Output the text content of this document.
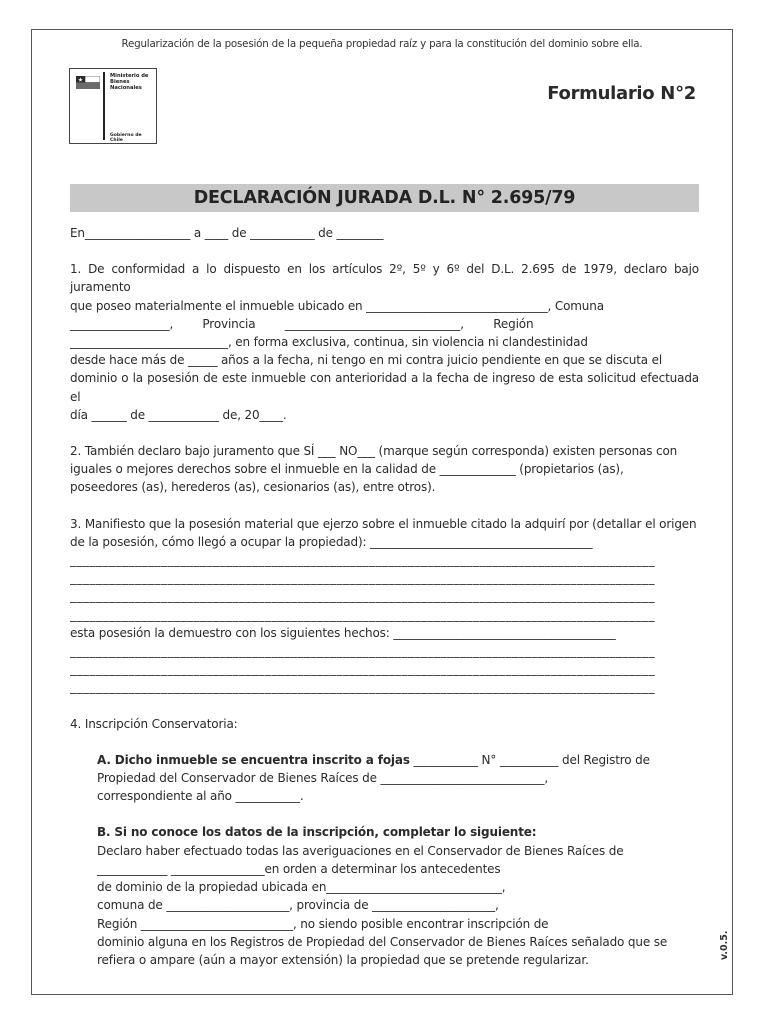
Regularización de la posesión de la pequeña propiedad raíz y para la constitución del dominio sobre ella.
Ministerio de
Bienes
Nacionales
Gobierno de Chile
Formulario N°2
DECLARACIÓN JURADA D.L. N° 2.695/79

En__________________ a ____ de ___________ de ________

1. De conformidad a lo dispuesto en los artículos 2º, 5º y 6º del D.L. 2.695 de 1979, declaro bajo juramento

que poseo materialmente el inmueble ubicado en _______________________________, Comuna

_________________,        Provincia        ______________________________,        Región

___________________________, en forma exclusiva, continua, sin violencia ni clandestinidad

desde hace más de _____ años a la fecha, ni tengo en mi contra juicio pendiente en que se discuta el

dominio o la posesión de este inmueble con anterioridad a la fecha de ingreso de esta solicitud efectuada el

día ______ de ____________ de, 20____.

2. También declaro bajo juramento que SÍ ___ NO___ (marque según corresponda) existen personas con

iguales o mejores derechos sobre el inmueble en la calidad de _____________ (propietarios (as),

poseedores (as), herederos (as), cesionarios (as), entre otros).

3. Manifiesto que la posesión material que ejerzo sobre el inmueble citado la adquirí por (detallar el origen

de la posesión, cómo llegó a ocupar la propiedad): ______________________________________

__________________________________________________________________________________________
__________________________________________________________________________________________
__________________________________________________________________________________________
__________________________________________________________________________________________

esta posesión la demuestro con los siguientes hechos: ______________________________________

__________________________________________________________________________________________
__________________________________________________________________________________________
__________________________________________________________________________________________

4. Inscripción Conservatoria:

A. Dicho inmueble se encuentra inscrito a fojas ___________ N° __________ del Registro de

Propiedad del Conservador de Bienes Raíces de ____________________________,

correspondiente al año ___________.

B. Si no conoce los datos de la inscripción, completar lo siguiente:

Declaro haber efectuado todas las averiguaciones en el Conservador de Bienes Raíces de

____________ ________________en orden a determinar los antecedentes

de dominio de la propiedad ubicada en______________________________,

comuna de _____________________, provincia de _____________________,

Región __________________________, no siendo posible encontrar inscripción de

dominio alguna en los Registros de Propiedad del Conservador de Bienes Raíces señalado que se

refiera o ampare (aún a mayor extensión) la propiedad que se pretende regularizar.	v.0.5.
